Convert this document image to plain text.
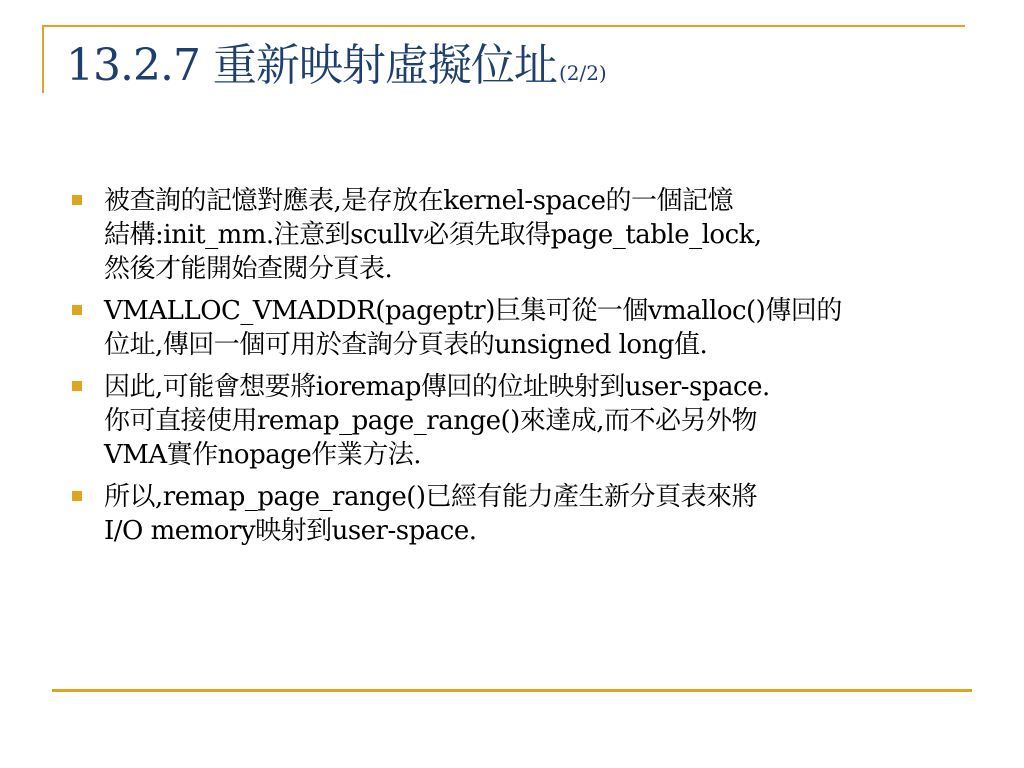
13.2.7 重新映射虛擬位址 (2/2)
被查詢的記憶對應表,是存放在kernel-space的一個記憶
結構:init_mm.注意到scullv必須先取得page_table_lock,
然後才能開始查閱分頁表.
VMALLOC_VMADDR(pageptr)巨集可從一個vmalloc()傳回的
位址,傳回一個可用於查詢分頁表的unsigned long值.
因此,可能會想要將ioremap傳回的位址映射到user-space.
你可直接使用remap_page_range()來達成,而不必另外物
VMA實作nopage作業方法.
所以,remap_page_range()已經有能力產生新分頁表來將
I/O memory映射到user-space.
